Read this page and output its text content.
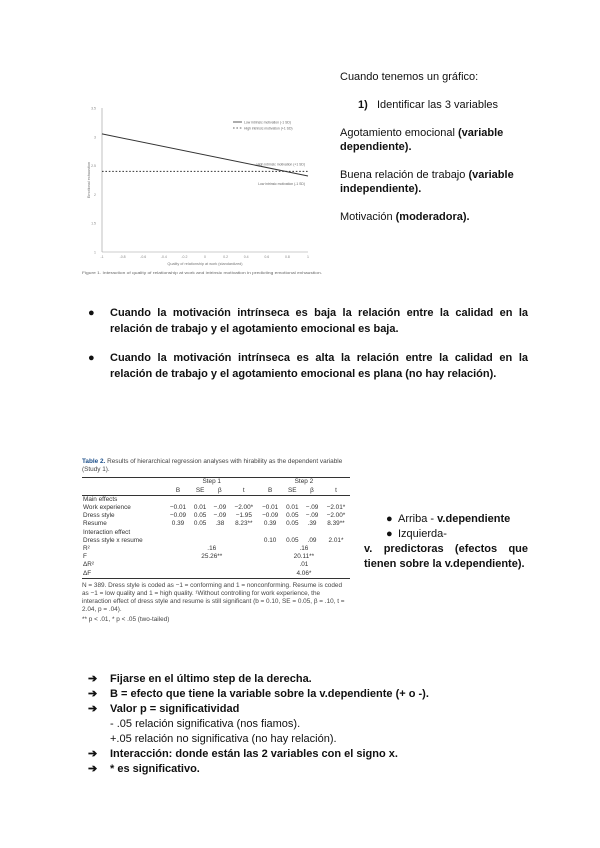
1
1.5
2
2.5
3
3.5
-1	-0.8	-0.6	-0.4	-0.2	0	0.2	0.4	0.6	0.8	1
Emotional exhaustion
Quality of relationship at work (standardized)
Low intrinsic motivation (-1 SD)
High intrinsic motivation (+1 SD)
Low intrinsic motivation (-1 SD)
High intrinsic motivation (+1 SD)
Figure 1. Interaction of quality of relationship at work and intrinsic motivation in predicting emotional exhaustion.

Cuando tenemos un gráfico:

1) Identificar las 3 variables

Agotamiento emocional (variable dependiente).

Buena relación de trabajo (variable independiente).

Motivación (moderadora).

●	Cuando la motivación intrínseca es baja la relación entre la calidad en la relación de trabajo y el agotamiento emocional es baja.
●	Cuando la motivación intrínseca es alta la relación entre la calidad en la relación de trabajo y el agotamiento emocional es plana (no hay relación).
Table 2. Results of hierarchical regression analyses with hirability as the dependent variable (Study 1).
	Step 1				Step 2			
	B	SE	β	t	B	SE	β	t
Main effects								
Work experience	−0.01	0.01	−.09	−2.00*	−0.01	0.01	−.09	−2.01*
Dress style	−0.09	0.05	−.09	−1.95	−0.09	0.05	−.09	−2.00*
Resume	0.39	0.05	.38	8.23**	0.39	0.05	.39	8.39**
Interaction effect								
Dress style x resume					0.10	0.05	.09	2.01*
R²	.16				.16			
F	25.26**				20.11**			
ΔR²					.01			
ΔF					4.06*			
N = 389. Dress style is coded as −1 = conforming and 1 = nonconforming. Resume is coded as −1 = low quality and 1 = high quality. ¹Without controlling for work experience, the interaction effect of dress style and resume is still significant (b = 0.10, SE = 0.05, β = .10, t = 2.04, p = .04).
** p < .01, * p < .05 (two-tailed)
● Arriba - v.dependiente
● Izquierda-
v. predictoras (efectos que tienen sobre la v.dependiente).
➔	Fijarse en el último step de la derecha.
➔	B = efecto que tiene la variable sobre la v.dependiente (+ o -).
➔	Valor p = significatividad
- .05 relación significativa (nos fiamos).
+.05 relación no significativa (no hay relación).
➔	Interacción: donde están las 2 variables con el signo x.
➔	* es significativo.
